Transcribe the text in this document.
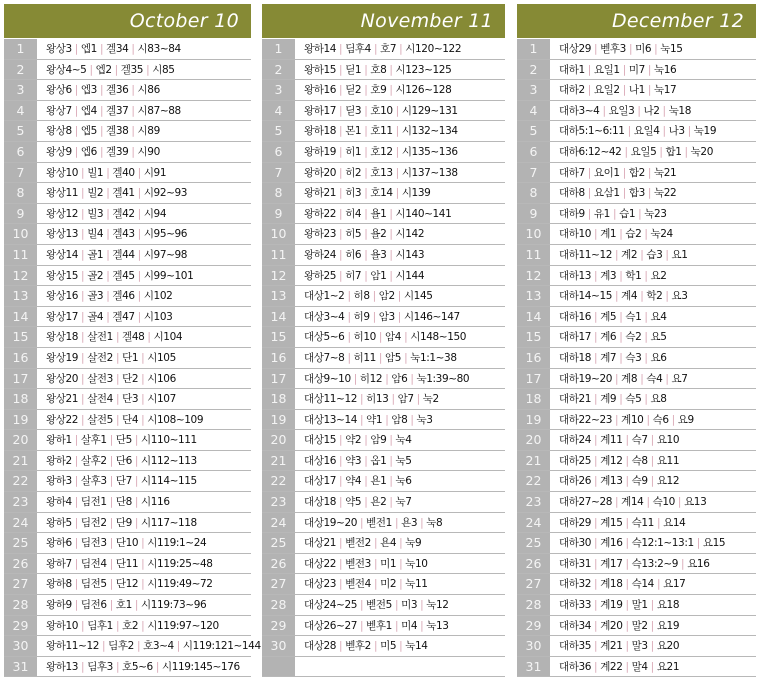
October 10
1	왕상3 | 엡1 | 겔34 | 시83~84
2	왕상4~5 | 엡2 | 겔35 | 시85
3	왕상6 | 엡3 | 겔36 | 시86
4	왕상7 | 엡4 | 겔37 | 시87~88
5	왕상8 | 엡5 | 겔38 | 시89
6	왕상9 | 엡6 | 겔39 | 시90
7	왕상10 | 빌1 | 겔40 | 시91
8	왕상11 | 빌2 | 겔41 | 시92~93
9	왕상12 | 빌3 | 겔42 | 시94
10	왕상13 | 빌4 | 겔43 | 시95~96
11	왕상14 | 골1 | 겔44 | 시97~98
12	왕상15 | 골2 | 겔45 | 시99~101
13	왕상16 | 골3 | 겔46 | 시102
14	왕상17 | 골4 | 겔47 | 시103
15	왕상18 | 살전1 | 겔48 | 시104
16	왕상19 | 살전2 | 단1 | 시105
17	왕상20 | 살전3 | 단2 | 시106
18	왕상21 | 살전4 | 단3 | 시107
19	왕상22 | 살전5 | 단4 | 시108~109
20	왕하1 | 살후1 | 단5 | 시110~111
21	왕하2 | 살후2 | 단6 | 시112~113
22	왕하3 | 살후3 | 단7 | 시114~115
23	왕하4 | 딤전1 | 단8 | 시116
24	왕하5 | 딤전2 | 단9 | 시117~118
25	왕하6 | 딤전3 | 단10 | 시119:1~24
26	왕하7 | 딤전4 | 단11 | 시119:25~48
27	왕하8 | 딤전5 | 단12 | 시119:49~72
28	왕하9 | 딤전6 | 호1 | 시119:73~96
29	왕하10 | 딤후1 | 호2 | 시119:97~120
30	왕하11~12 | 딤후2 | 호3~4 | 시119:121~144
31	왕하13 | 딤후3 | 호5~6 | 시119:145~176
November 11
1	왕하14 | 딤후4 | 호7 | 시120~122
2	왕하15 | 딛1 | 호8 | 시123~125
3	왕하16 | 딛2 | 호9 | 시126~128
4	왕하17 | 딛3 | 호10 | 시129~131
5	왕하18 | 몬1 | 호11 | 시132~134
6	왕하19 | 히1 | 호12 | 시135~136
7	왕하20 | 히2 | 호13 | 시137~138
8	왕하21 | 히3 | 호14 | 시139
9	왕하22 | 히4 | 욜1 | 시140~141
10	왕하23 | 히5 | 욜2 | 시142
11	왕하24 | 히6 | 욜3 | 시143
12	왕하25 | 히7 | 암1 | 시144
13	대상1~2 | 히8 | 암2 | 시145
14	대상3~4 | 히9 | 암3 | 시146~147
15	대상5~6 | 히10 | 암4 | 시148~150
16	대상7~8 | 히11 | 암5 | 눅1:1~38
17	대상9~10 | 히12 | 암6 | 눅1:39~80
18	대상11~12 | 히13 | 암7 | 눅2
19	대상13~14 | 약1 | 암8 | 눅3
20	대상15 | 약2 | 암9 | 눅4
21	대상16 | 약3 | 옵1 | 눅5
22	대상17 | 약4 | 욘1 | 눅6
23	대상18 | 약5 | 욘2 | 눅7
24	대상19~20 | 벧전1 | 욘3 | 눅8
25	대상21 | 벧전2 | 욘4 | 눅9
26	대상22 | 벧전3 | 미1 | 눅10
27	대상23 | 벧전4 | 미2 | 눅11
28	대상24~25 | 벧전5 | 미3 | 눅12
29	대상26~27 | 벧후1 | 미4 | 눅13
30	대상28 | 벧후2 | 미5 | 눅14
December 12
1	대상29 | 벧후3 | 미6 | 눅15
2	대하1 | 요일1 | 미7 | 눅16
3	대하2 | 요일2 | 나1 | 눅17
4	대하3~4 | 요일3 | 나2 | 눅18
5	대하5:1~6:11 | 요일4 | 나3 | 눅19
6	대하6:12~42 | 요일5 | 합1 | 눅20
7	대하7 | 요이1 | 합2 | 눅21
8	대하8 | 요삼1 | 합3 | 눅22
9	대하9 | 유1 | 습1 | 눅23
10	대하10 | 계1 | 습2 | 눅24
11	대하11~12 | 계2 | 습3 | 요1
12	대하13 | 계3 | 학1 | 요2
13	대하14~15 | 계4 | 학2 | 요3
14	대하16 | 계5 | 슥1 | 요4
15	대하17 | 계6 | 슥2 | 요5
16	대하18 | 계7 | 슥3 | 요6
17	대하19~20 | 계8 | 슥4 | 요7
18	대하21 | 계9 | 슥5 | 요8
19	대하22~23 | 계10 | 슥6 | 요9
20	대하24 | 계11 | 슥7 | 요10
21	대하25 | 계12 | 슥8 | 요11
22	대하26 | 계13 | 슥9 | 요12
23	대하27~28 | 계14 | 슥10 | 요13
24	대하29 | 계15 | 슥11 | 요14
25	대하30 | 계16 | 슥12:1~13:1 | 요15
26	대하31 | 계17 | 슥13:2~9 | 요16
27	대하32 | 계18 | 슥14 | 요17
28	대하33 | 계19 | 말1 | 요18
29	대하34 | 계20 | 말2 | 요19
30	대하35 | 계21 | 말3 | 요20
31	대하36 | 계22 | 말4 | 요21
